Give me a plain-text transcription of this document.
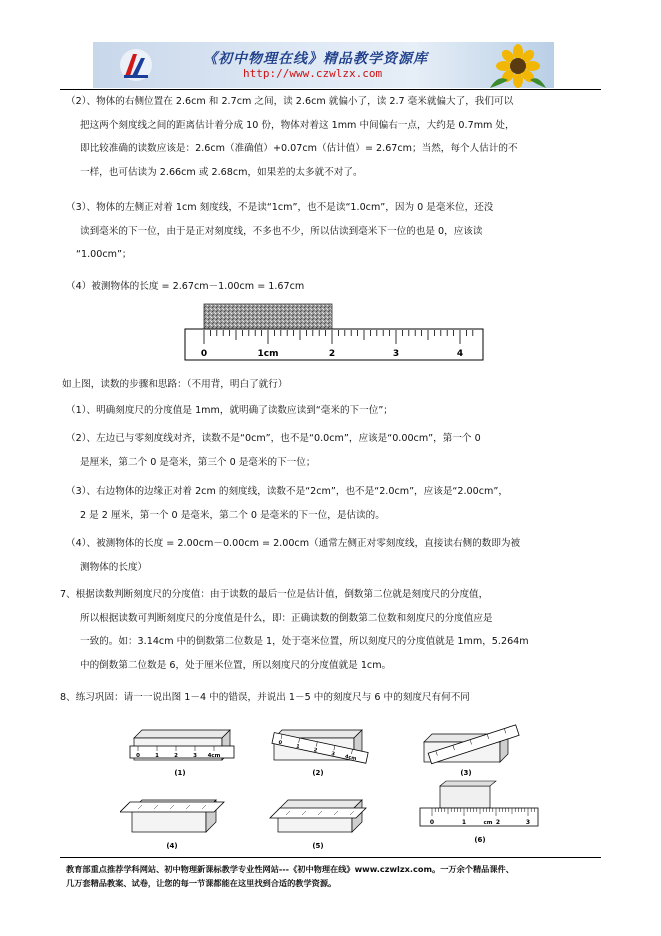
《初中物理在线》精品教学资源库
http://www.czwlzx.com
（2）、物体的右侧位置在 2.6cm 和 2.7cm 之间，读 2.6cm 就偏小了，读 2.7 毫米就偏大了，我们可以
把这两个刻度线之间的距离估计着分成 10 份，物体对着这 1mm 中间偏右一点，大约是 0.7mm 处，
即比较准确的读数应该是：2.6cm（准确值）+0.07cm（估计值）= 2.67cm；当然，每个人估计的不
一样，也可估读为 2.66cm 或 2.68cm，如果差的太多就不对了。
（3）、物体的左侧正对着 1cm 刻度线，不是读“1cm”，也不是读“1.0cm”，因为 0 是毫米位，还没
读到毫米的下一位，由于是正对刻度线，不多也不少，所以估读到毫米下一位的也是 0，应该读
“1.00cm”；
（4）被测物体的长度 = 2.67cm－1.00cm = 1.67cm
0	1cm	2	3	4
如上图，读数的步骤和思路：（不用背，明白了就行）
（1）、明确刻度尺的分度值是 1mm，就明确了读数应读到“毫米的下一位”；
（2）、左边已与零刻度线对齐，读数不是“0cm”，也不是“0.0cm”，应该是“0.00cm”，第一个 0
是厘米，第二个 0 是毫米，第三个 0 是毫米的下一位；
（3）、右边物体的边缘正对着 2cm 的刻度线，读数不是“2cm”，也不是“2.0cm”，应该是“2.00cm”，
2 是 2 厘米，第一个 0 是毫米，第二个 0 是毫米的下一位，是估读的。
（4）、被测物体的长度 = 2.00cm－0.00cm = 2.00cm（通常左侧正对零刻度线，直接读右侧的数即为被
测物体的长度）
7、根据读数判断刻度尺的分度值：由于读数的最后一位是估计值，倒数第二位就是刻度尺的分度值，
所以根据读数可判断刻度尺的分度值是什么，即：正确读数的倒数第二位数和刻度尺的分度值应是
一致的。如：3.14cm 中的倒数第二位数是 1，处于毫米位置，所以刻度尺的分度值就是 1mm，5.264m
中的倒数第二位数是 6，处于厘米位置，所以刻度尺的分度值就是 1cm。
8、练习巩固：请一一说出图 1－4 中的错误，并说出 1－5 中的刻度尺与 6 中的刻度尺有何不同
0	1	2	3 4cm
(1)
0
1
2
3 4cm
(2)	(3)
(4)	(5)
0	1	cm 2	3
(6)
教育部重点推荐学科网站、初中物理新课标教学专业性网站---《初中物理在线》www.czwlzx.com。一万余个精品课件、
几万套精品教案、试卷，让您的每一节课都能在这里找到合适的教学资源。
